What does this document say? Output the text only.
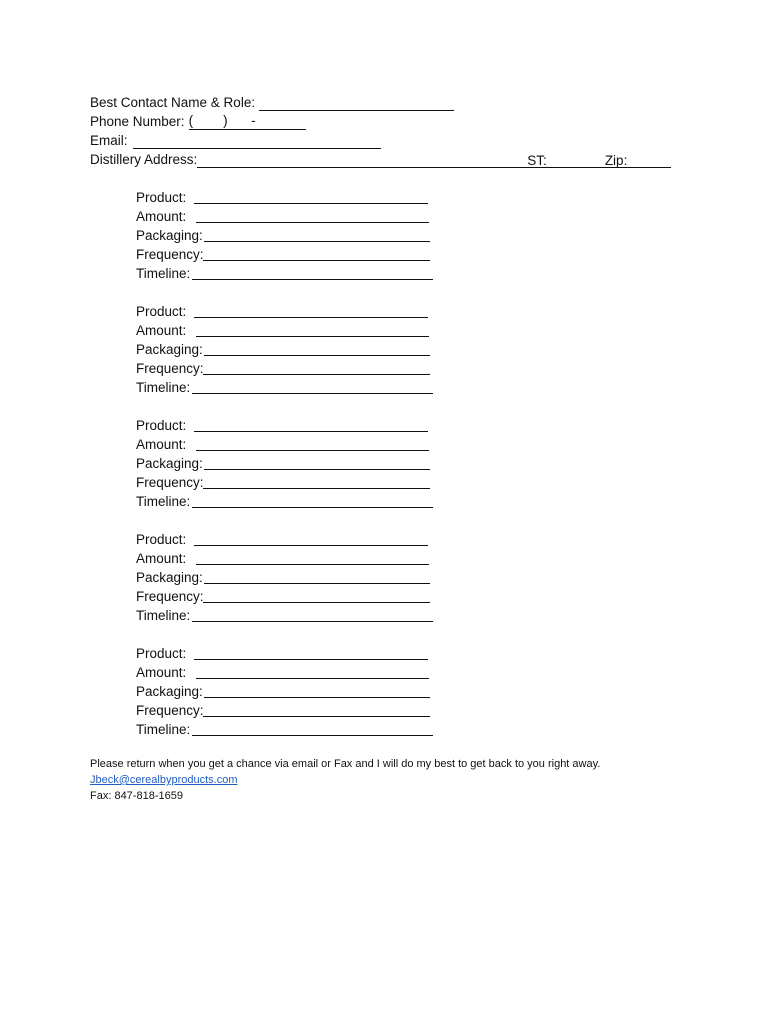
Best Contact Name & Role:
Phone Number: ( )	-
Email:
Distillery Address:	ST:	Zip:
Product:
Amount:
Packaging:
Frequency:
Timeline:
Product:
Amount:
Packaging:
Frequency:
Timeline:
Product:
Amount:
Packaging:
Frequency:
Timeline:
Product:
Amount:
Packaging:
Frequency:
Timeline:
Product:
Amount:
Packaging:
Frequency:
Timeline:
Please return when you get a chance via email or Fax and I will do my best to get back to you right away.
Jbeck@cerealbyproducts.com
Fax: 847-818-1659
